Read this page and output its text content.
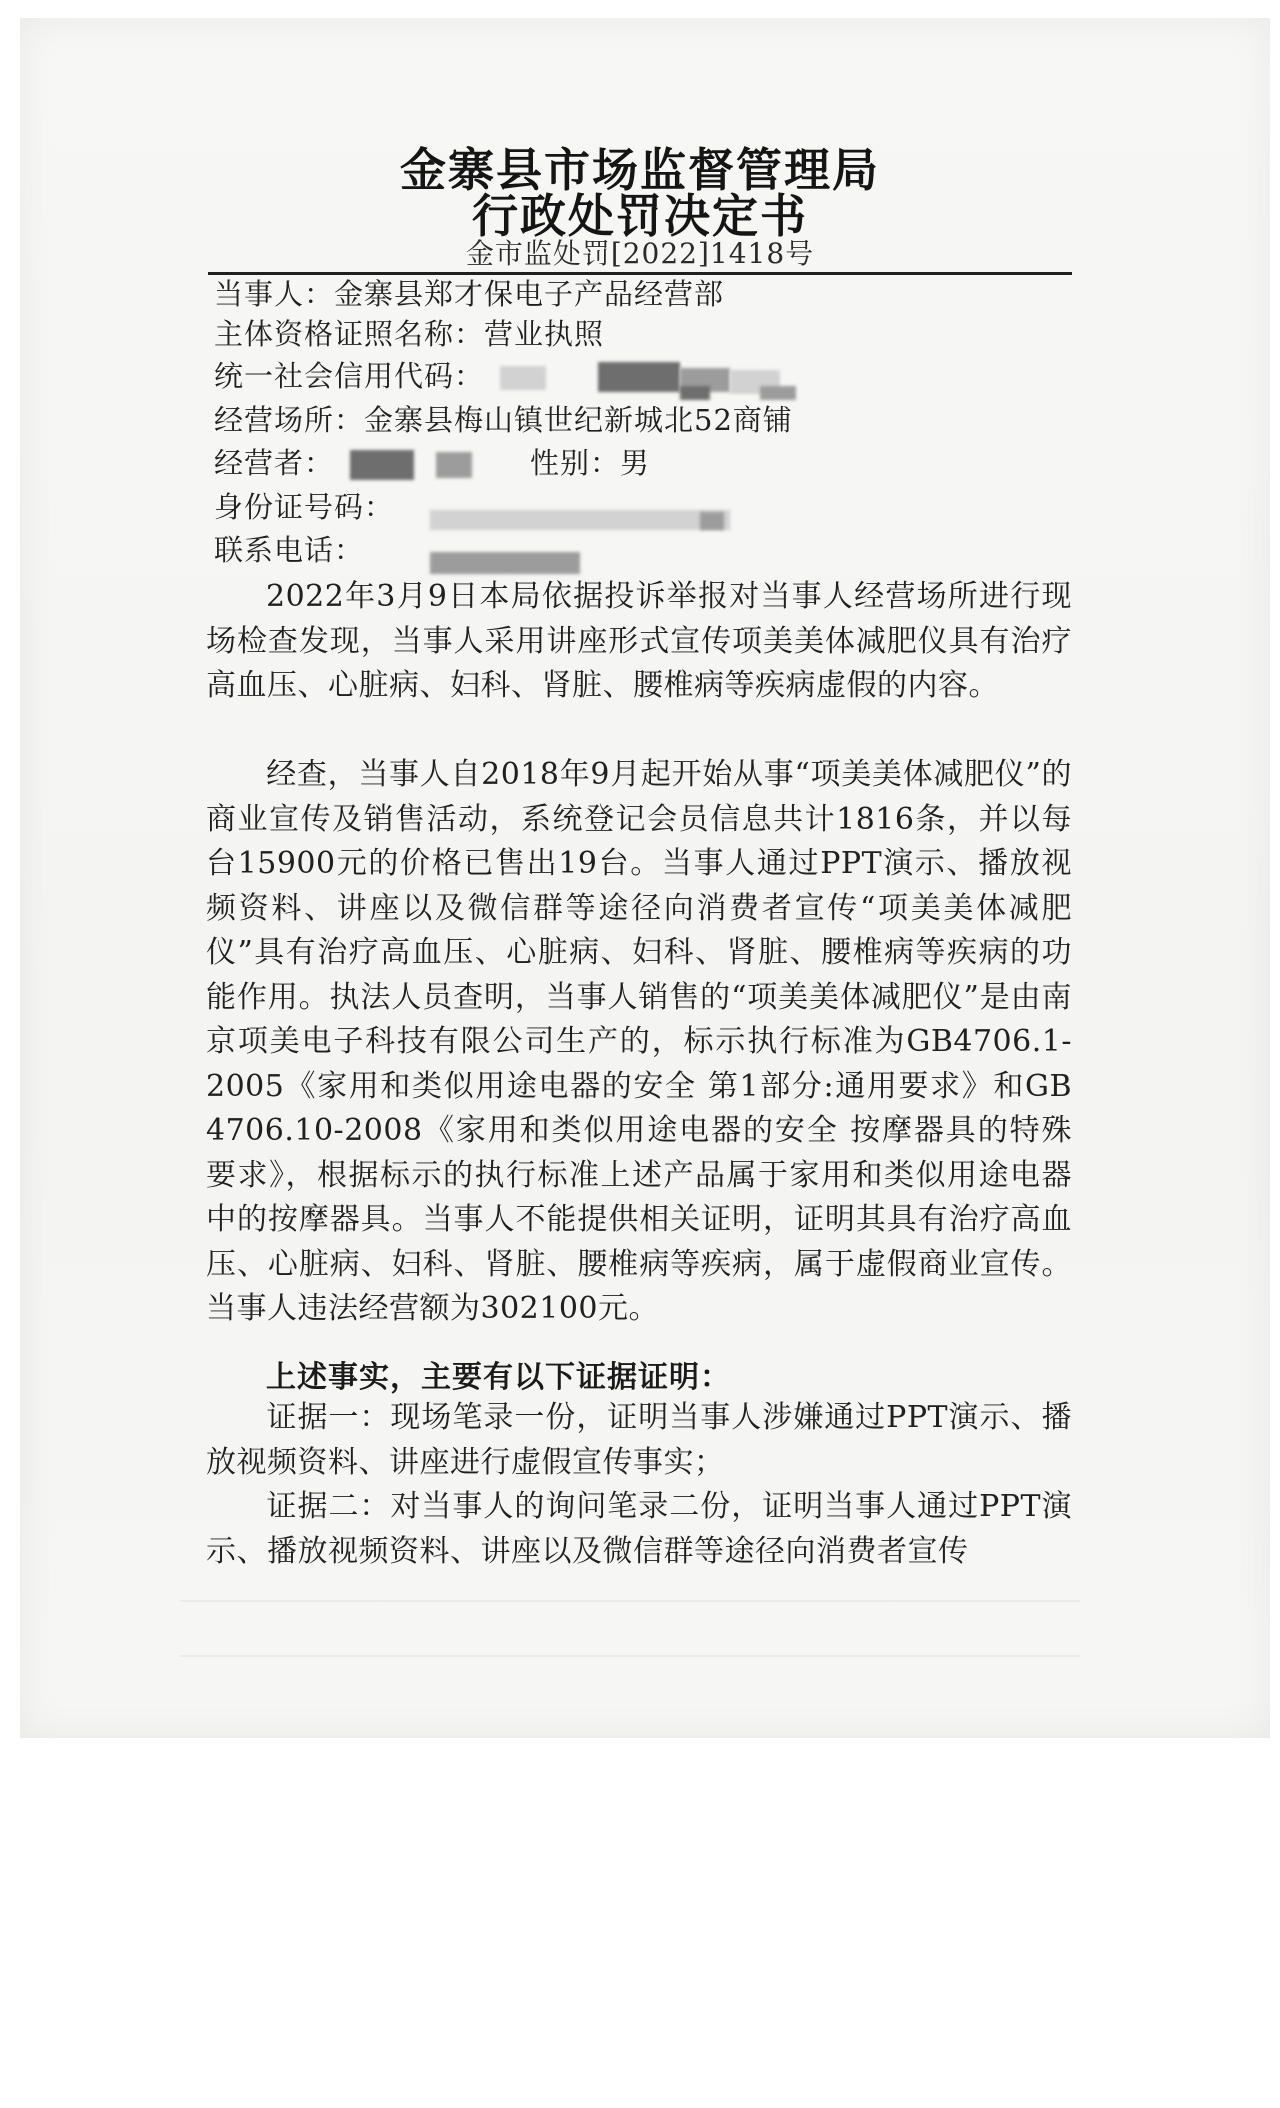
金寨县市场监督管理局
行政处罚决定书
金市监处罚[2022]1418号
当事人：金寨县郑才保电子产品经营部
主体资格证照名称：营业执照
统一社会信用代码：
经营场所：金寨县梅山镇世纪新城北52商铺
经营者：	性别：男
身份证号码：
联系电话：
2022年3月9日本局依据投诉举报对当事人经营场所进行现场检查发现，当事人采用讲座形式宣传项美美体减肥仪具有治疗高血压、心脏病、妇科、肾脏、腰椎病等疾病虚假的内容。
经查，当事人自2018年9月起开始从事“项美美体减肥仪”的商业宣传及销售活动，系统登记会员信息共计1816条，并以每台15900元的价格已售出19台。当事人通过PPT演示、播放视频资料、讲座以及微信群等途径向消费者宣传“项美美体减肥仪”具有治疗高血压、心脏病、妇科、肾脏、腰椎病等疾病的功能作用。执法人员查明，当事人销售的“项美美体减肥仪”是由南京项美电子科技有限公司生产的，标示执行标准为GB4706.1-2005《家用和类似用途电器的安全 第1部分:通用要求》和GB 4706.10-2008《家用和类似用途电器的安全 按摩器具的特殊要求》，根据标示的执行标准上述产品属于家用和类似用途电器中的按摩器具。当事人不能提供相关证明，证明其具有治疗高血压、心脏病、妇科、肾脏、腰椎病等疾病，属于虚假商业宣传。当事人违法经营额为302100元。
上述事实，主要有以下证据证明：
证据一：现场笔录一份，证明当事人涉嫌通过PPT演示、播放视频资料、讲座进行虚假宣传事实；
证据二：对当事人的询问笔录二份，证明当事人通过PPT演示、播放视频资料、讲座以及微信群等途径向消费者宣传
